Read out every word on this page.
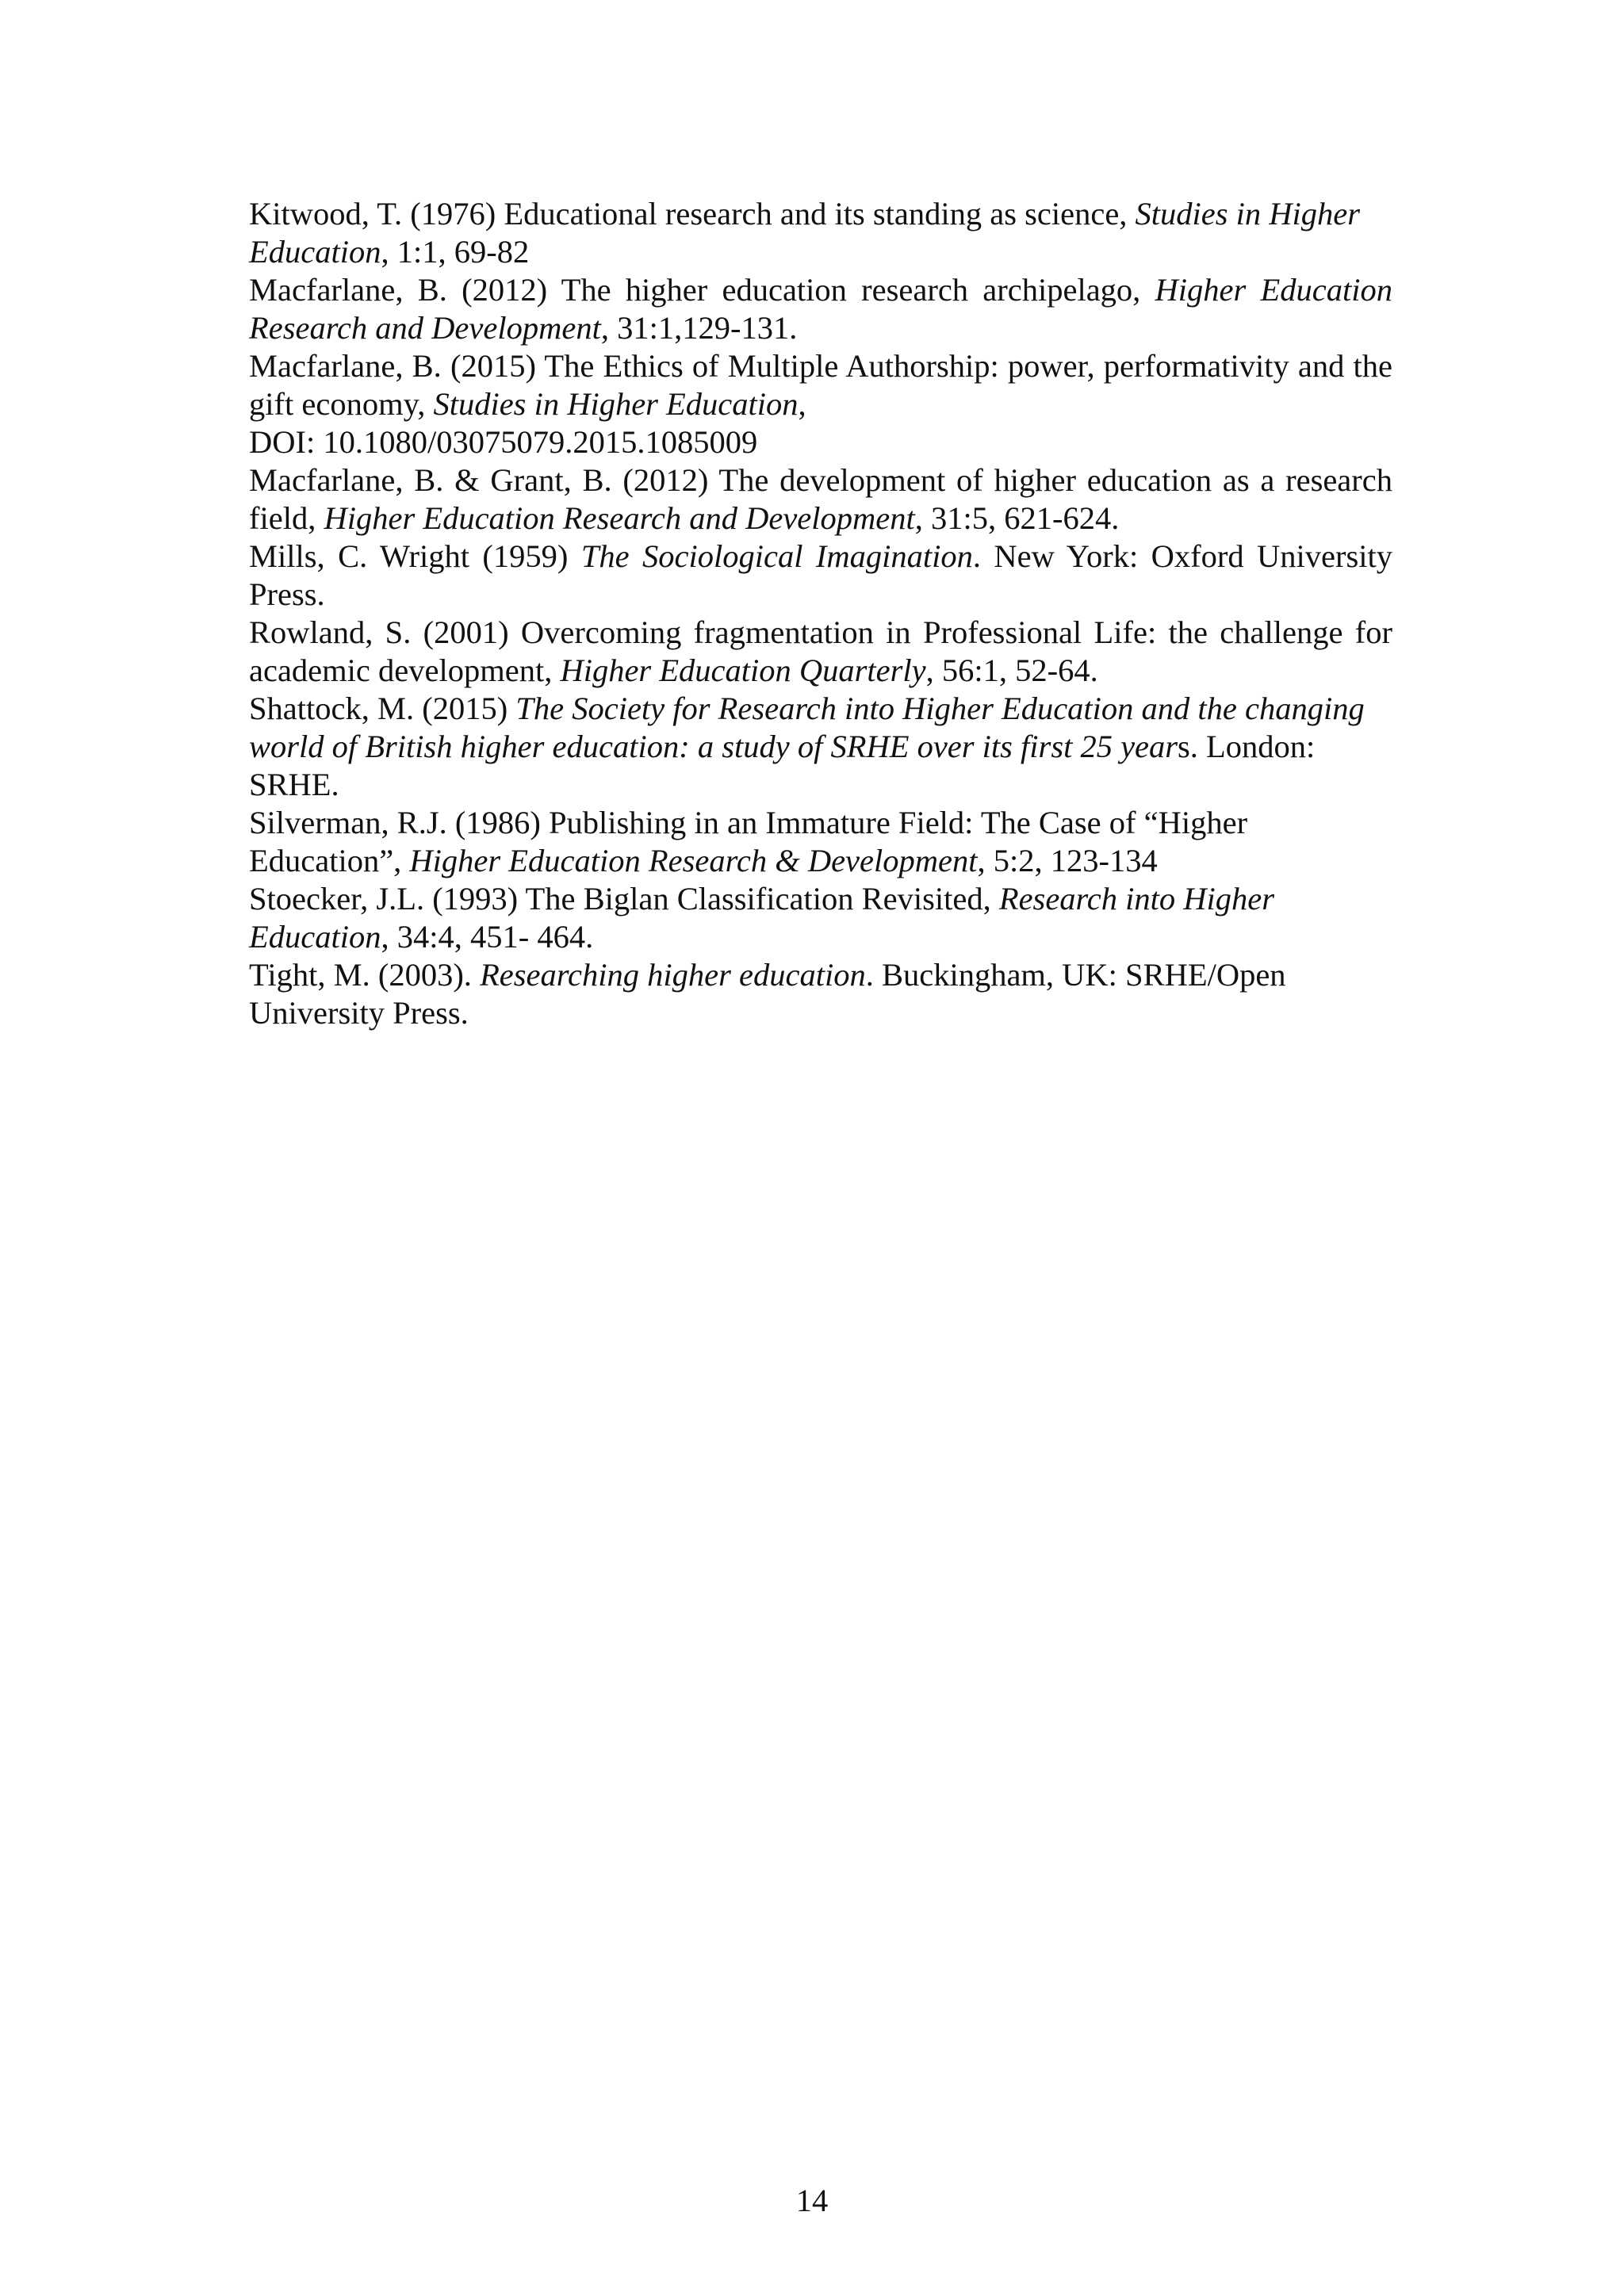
Kitwood, T. (1976) Educational research and its standing as science, Studies in Higher Education, 1:1, 69-82
Macfarlane, B. (2012) The higher education research archipelago, Higher Education Research and Development, 31:1,129-131.
Macfarlane, B. (2015) The Ethics of Multiple Authorship: power, performativity and the gift economy, Studies in Higher Education,
DOI: 10.1080/03075079.2015.1085009
Macfarlane, B. & Grant, B. (2012) The development of higher education as a research field, Higher Education Research and Development, 31:5, 621-624.
Mills, C. Wright (1959) The Sociological Imagination. New York: Oxford University Press.
Rowland, S. (2001) Overcoming fragmentation in Professional Life: the challenge for academic development, Higher Education Quarterly, 56:1, 52-64.
Shattock, M. (2015) The Society for Research into Higher Education and the changing world of British higher education: a study of SRHE over its first 25 years. London: SRHE.
Silverman, R.J. (1986) Publishing in an Immature Field: The Case of “Higher Education”, Higher Education Research & Development, 5:2, 123-134
Stoecker, J.L. (1993) The Biglan Classification Revisited, Research into Higher Education, 34:4, 451- 464.
Tight, M. (2003). Researching higher education. Buckingham, UK: SRHE/Open University Press.
14
